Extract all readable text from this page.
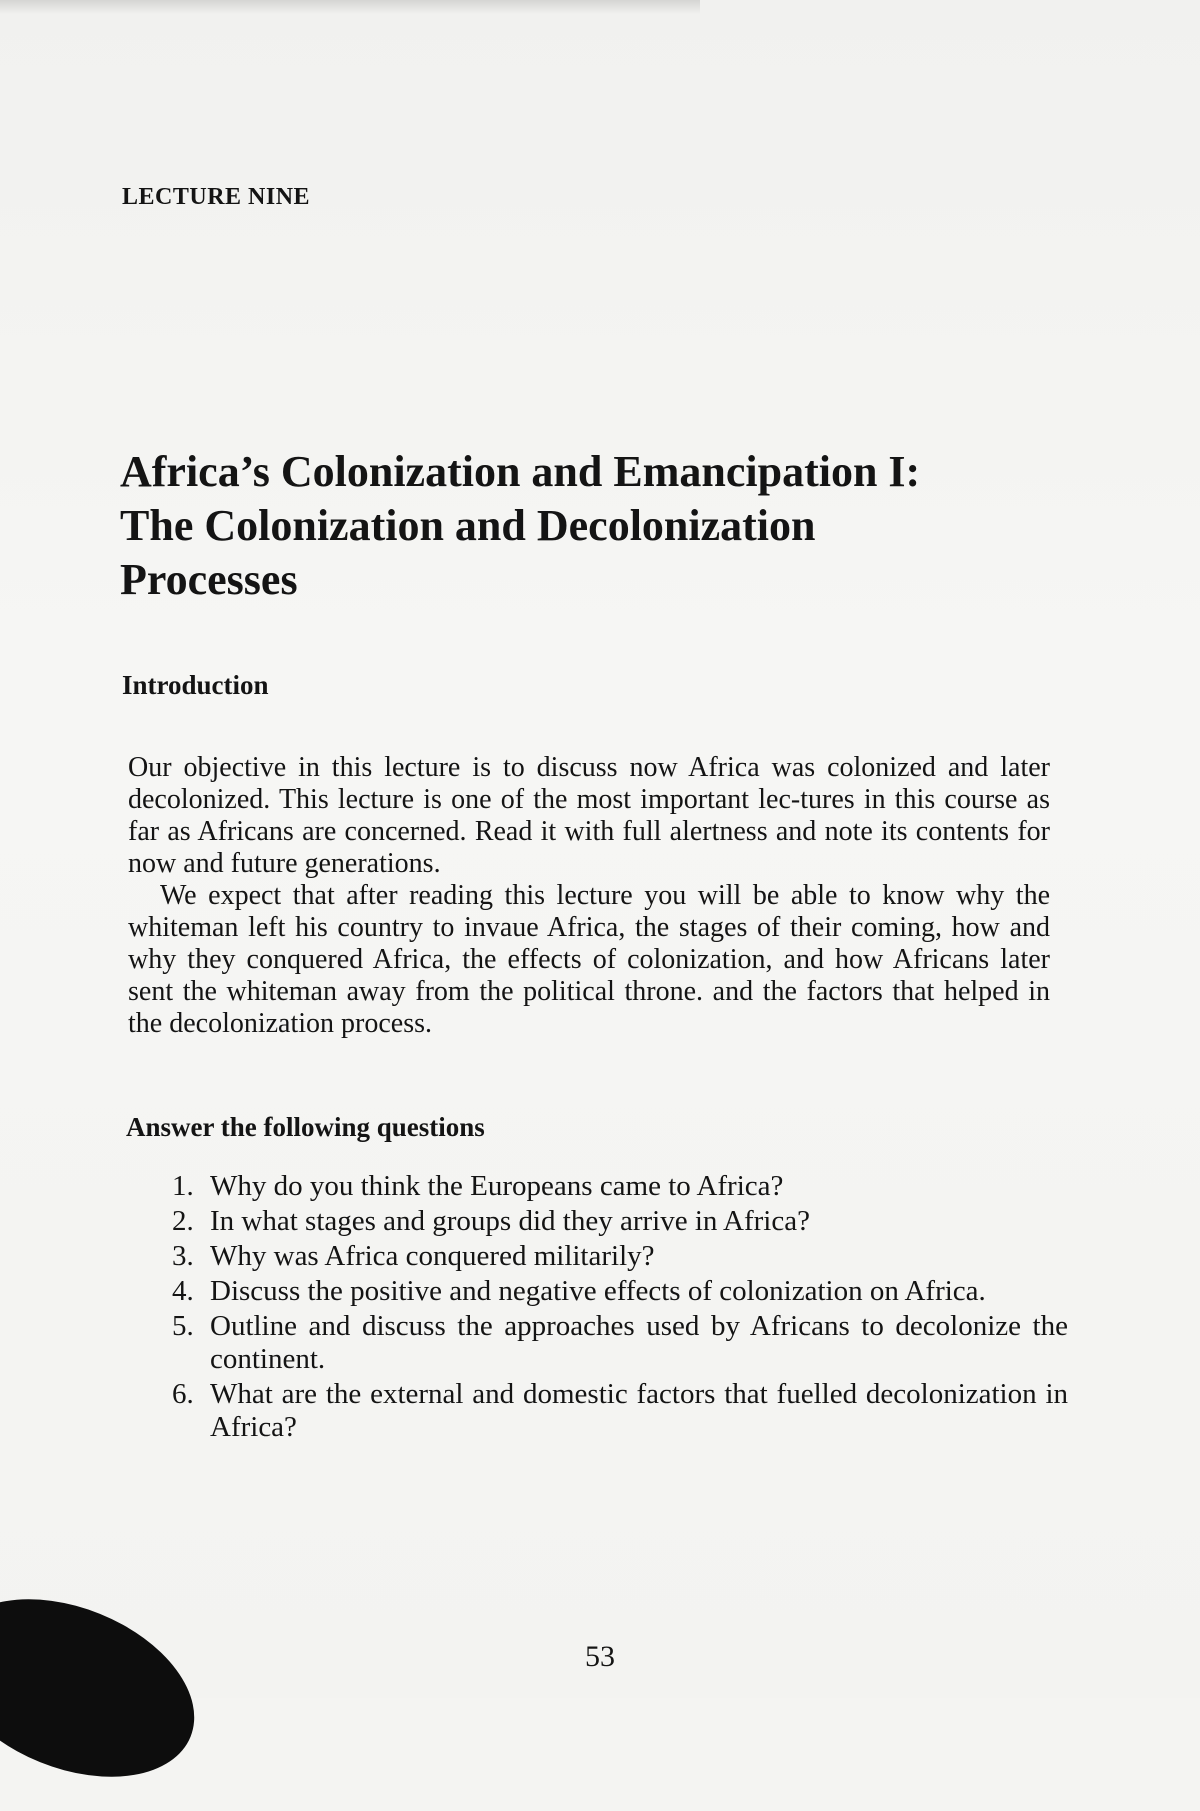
LECTURE NINE
Africa’s Colonization and Emancipation I:
The Colonization and Decolonization
Processes
Introduction

Our objective in this lecture is to discuss now Africa was colonized and later decolonized. This lecture is one of the most important lec-tures in this course as far as Africans are concerned. Read it with full alertness and note its contents for now and future generations.

We expect that after reading this lecture you will be able to know why the whiteman left his country to invaue Africa, the stages of their coming, how and why they conquered Africa, the effects of colonization, and how Africans later sent the whiteman away from the political throne. and the factors that helped in the decolonization process.

Answer the following questions
1. Why do you think the Europeans came to Africa?
2. In what stages and groups did they arrive in Africa?
3. Why was Africa conquered militarily?
4. Discuss the positive and negative effects of colonization on Africa.
5. Outline and discuss the approaches used by Africans to decolonize the continent.
6. What are the external and domestic factors that fuelled decolonization in Africa?
53
